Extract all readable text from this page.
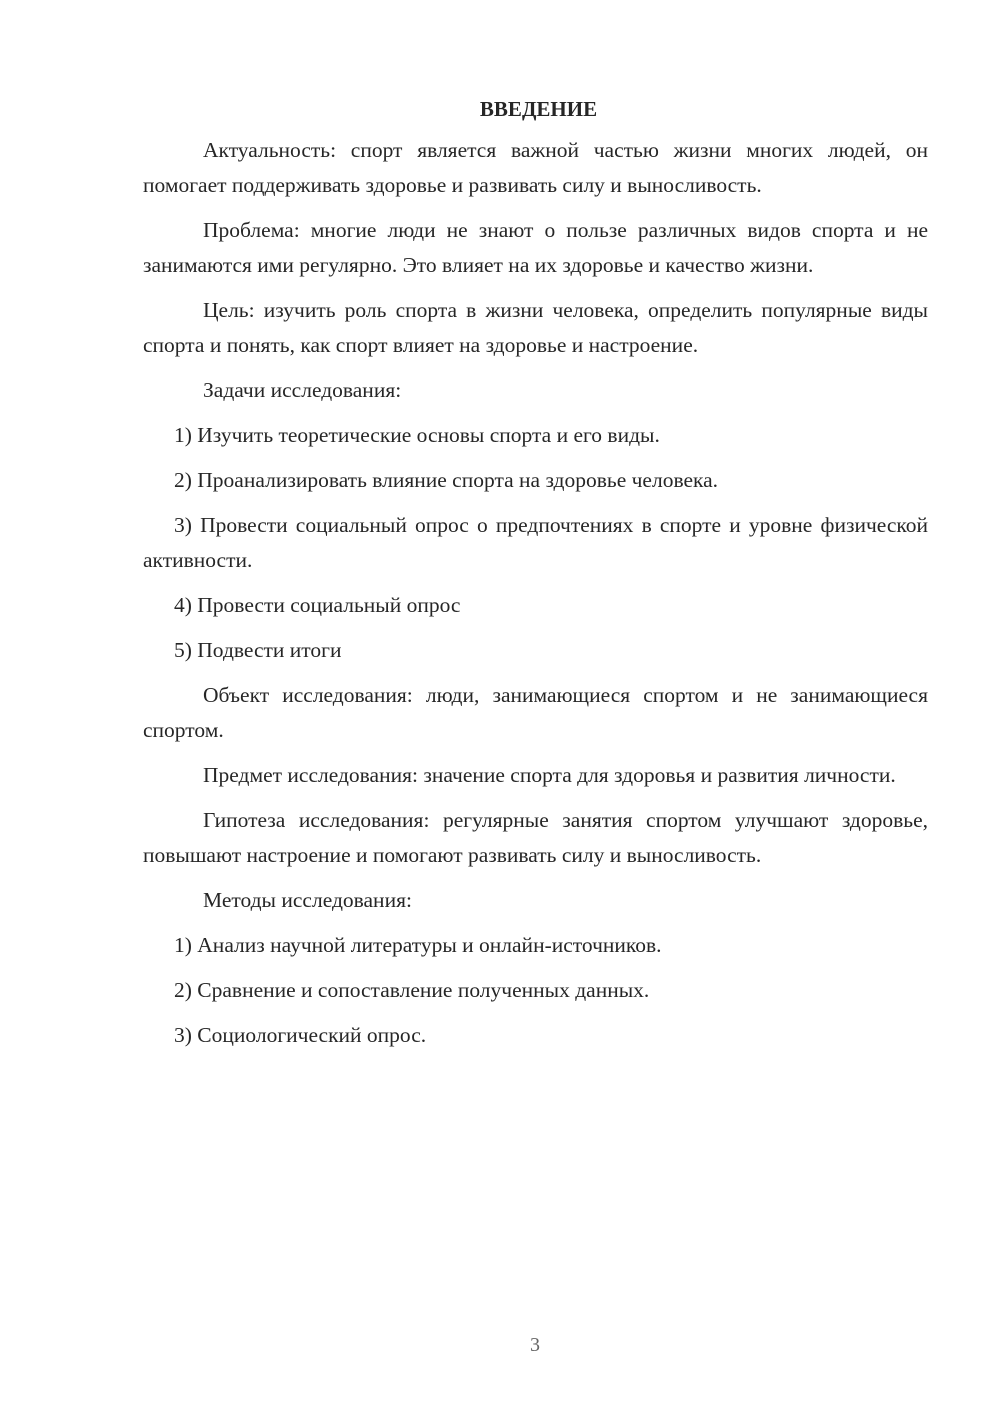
ВВЕДЕНИЕ

Актуальность: спорт является важной частью жизни многих людей, он помогает поддерживать здоровье и развивать силу и выносливость.

Проблема: многие люди не знают о пользе различных видов спорта и не занимаются ими регулярно. Это влияет на их здоровье и качество жизни.

Цель: изучить роль спорта в жизни человека, определить популярные виды спорта и понять, как спорт влияет на здоровье и настроение.

Задачи исследования:

1) Изучить теоретические основы спорта и его виды.

2) Проанализировать влияние спорта на здоровье человека.

3) Провести социальный опрос о предпочтениях в спорте и уровне физической активности.

4) Провести социальный опрос

5) Подвести итоги

Объект исследования: люди, занимающиеся спортом и не занимающиеся спортом.

Предмет исследования: значение спорта для здоровья и развития личности.

Гипотеза исследования: регулярные занятия спортом улучшают здоровье, повышают настроение и помогают развивать силу и выносливость.

Методы исследования:

1) Анализ научной литературы и онлайн-источников.

2) Сравнение и сопоставление полученных данных.

3) Социологический опрос.

3
